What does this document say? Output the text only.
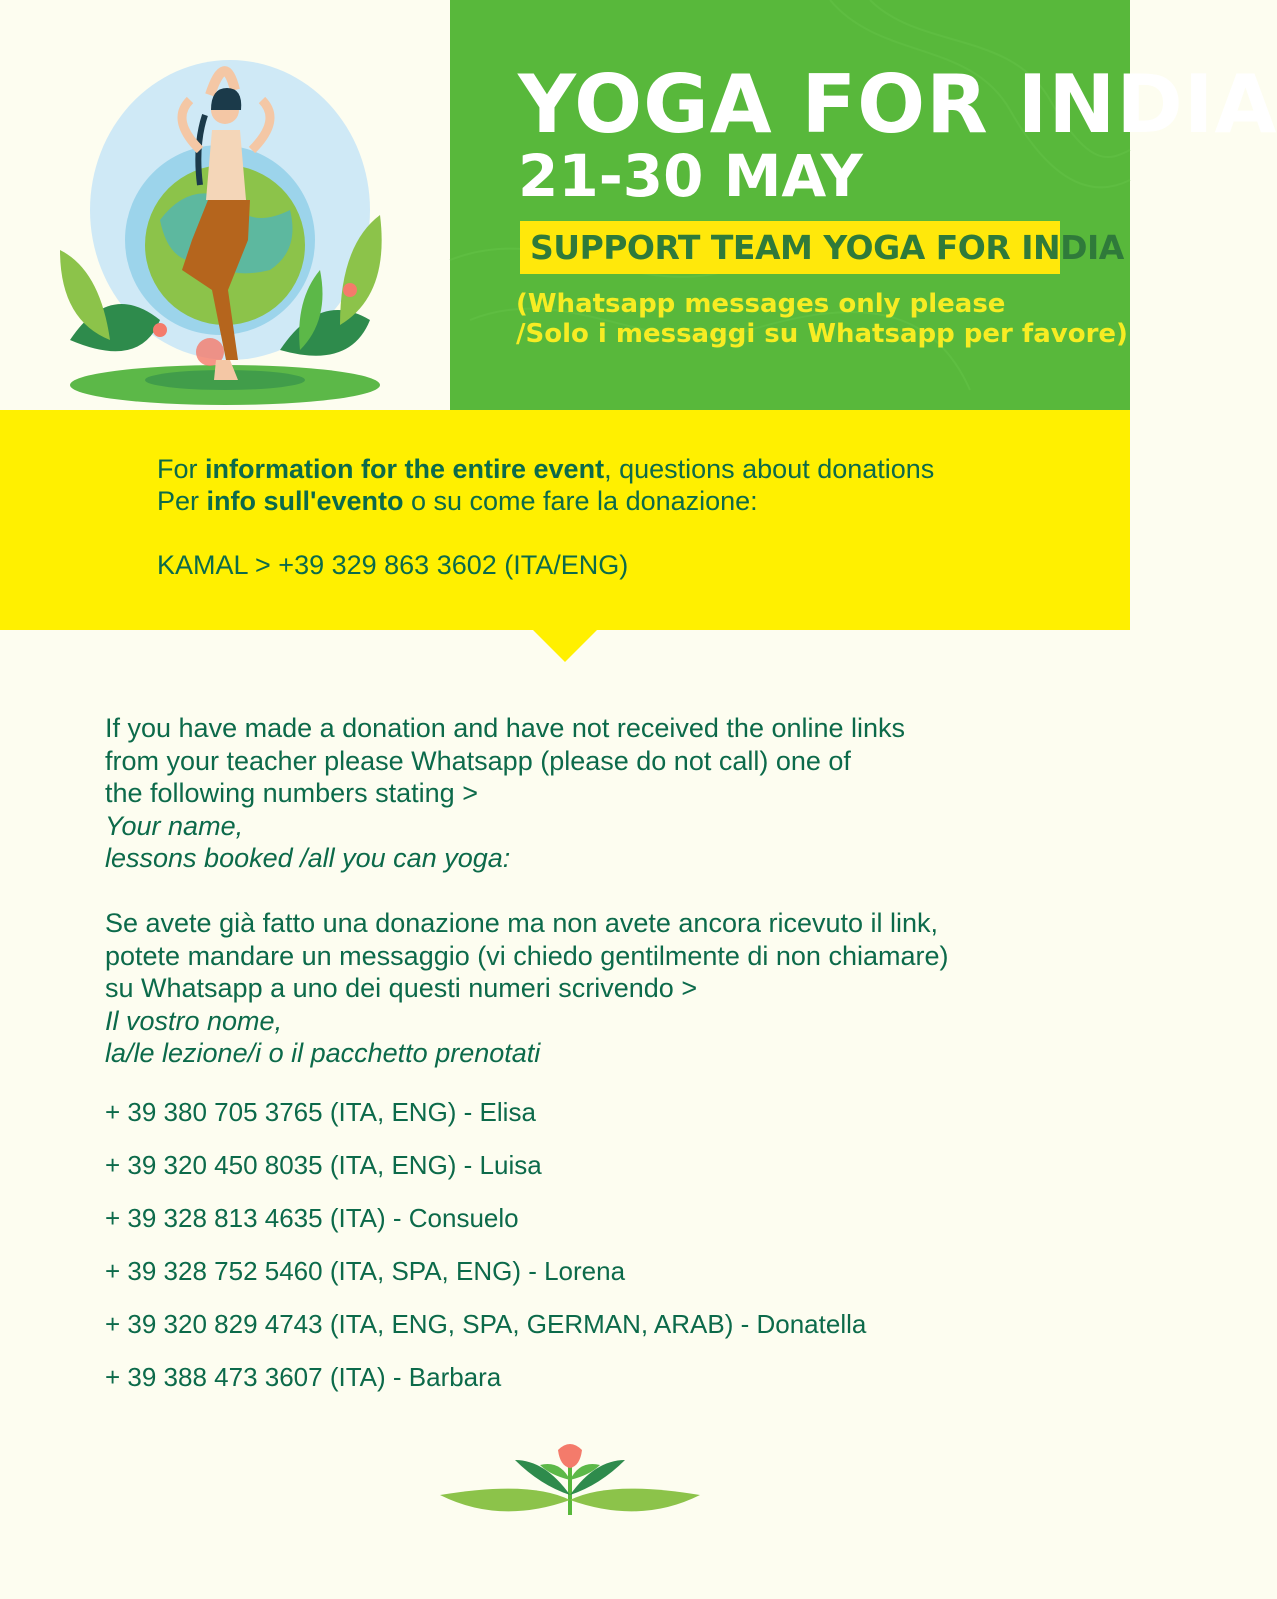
YOGA FOR INDIA
21-30 MAY
SUPPORT TEAM YOGA FOR INDIA
(Whatsapp messages only please
/Solo i messaggi su Whatsapp per favore)
For information for the entire event, questions about donations
Per info sull'evento o su come fare la donazione:
KAMAL > +39 329 863 3602 (ITA/ENG)
If you have made a donation and have not received the online links
from your teacher please Whatsapp (please do not call) one of
the following numbers stating >
Your name,
lessons booked /all you can yoga:
Se avete già fatto una donazione ma non avete ancora ricevuto il link,
potete mandare un messaggio (vi chiedo gentilmente di non chiamare)
su Whatsapp a uno dei questi numeri scrivendo >
Il vostro nome,
la/le lezione/i o il pacchetto prenotati
+ 39 380 705 3765 (ITA, ENG) - Elisa
+ 39 320 450 8035 (ITA, ENG) - Luisa
+ 39 328 813 4635 (ITA) - Consuelo
+ 39 328 752 5460 (ITA, SPA, ENG) - Lorena
+ 39 320 829 4743 (ITA, ENG, SPA, GERMAN, ARAB) - Donatella
+ 39 388 473 3607 (ITA) - Barbara
